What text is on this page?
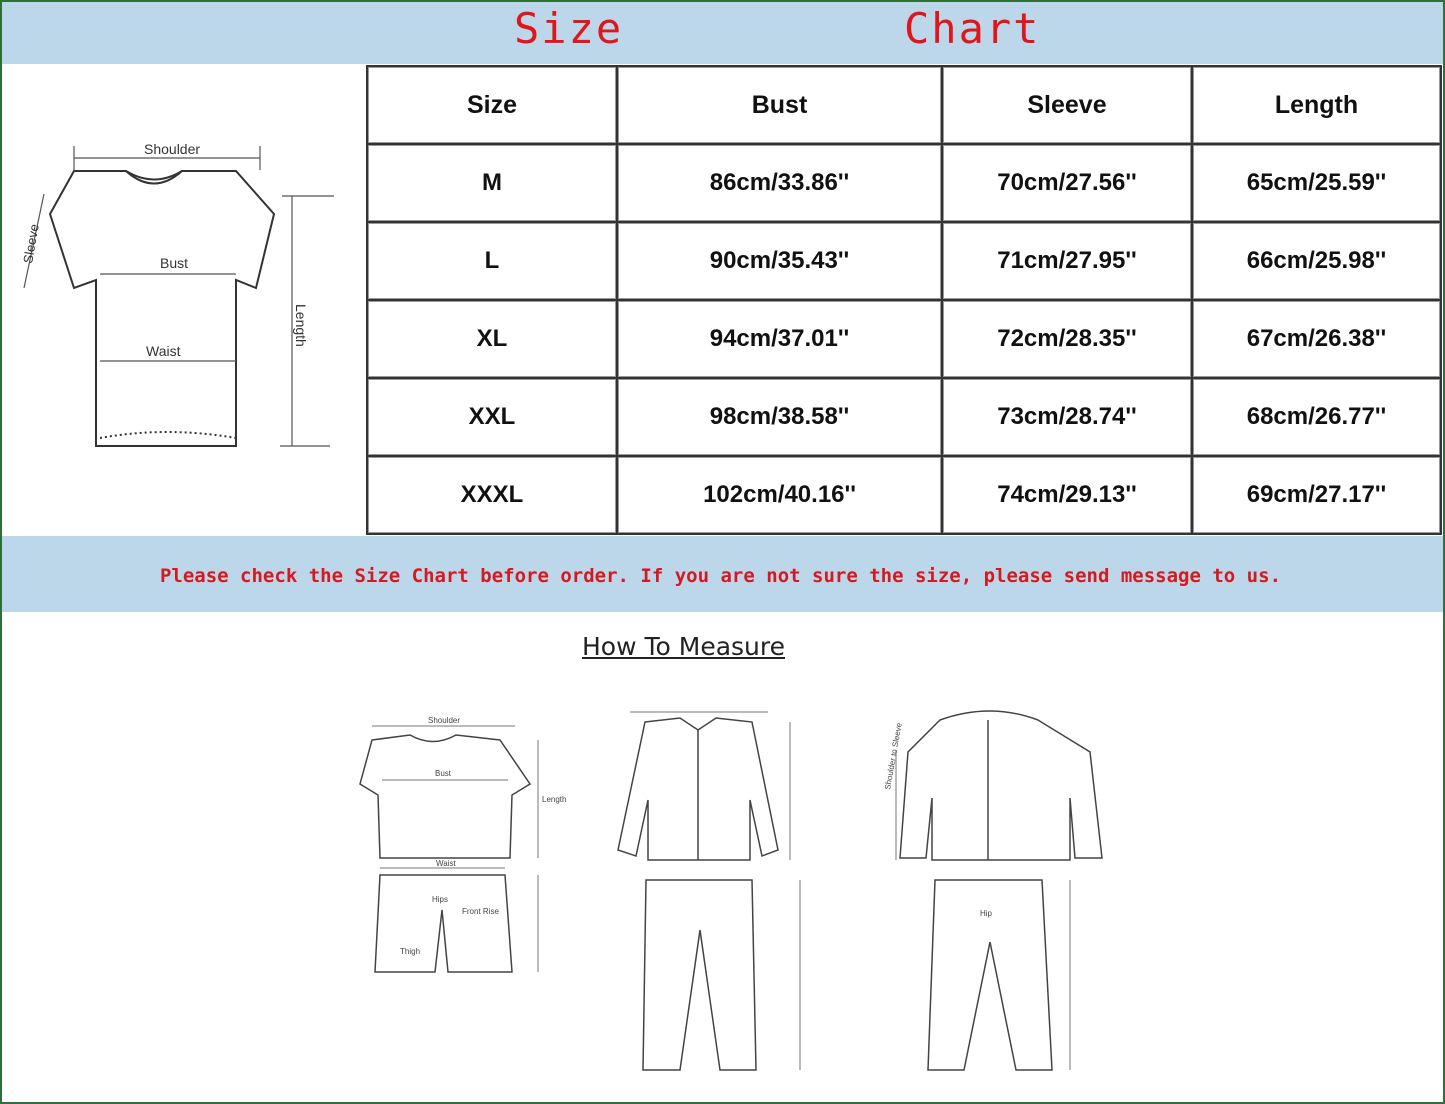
Size	Chart
Shoulder
Sleeve	Bust
Waist
Length
Size	Bust	Sleeve	Length
M	86cm/33.86''	70cm/27.56''	65cm/25.59''
L	90cm/35.43''	71cm/27.95''	66cm/25.98''
XL	94cm/37.01''	72cm/28.35''	67cm/26.38''
XXL	98cm/38.58''	73cm/28.74''	68cm/26.77''
XXXL	102cm/40.16''	74cm/29.13''	69cm/27.17''
Please check the Size Chart before order. If you are not sure the size, please send message to us.
How To Measure
Shoulder
Bust
Length
Waist
Hips
Front Rise
Thigh
Hip
Shoulder to Sleeve
